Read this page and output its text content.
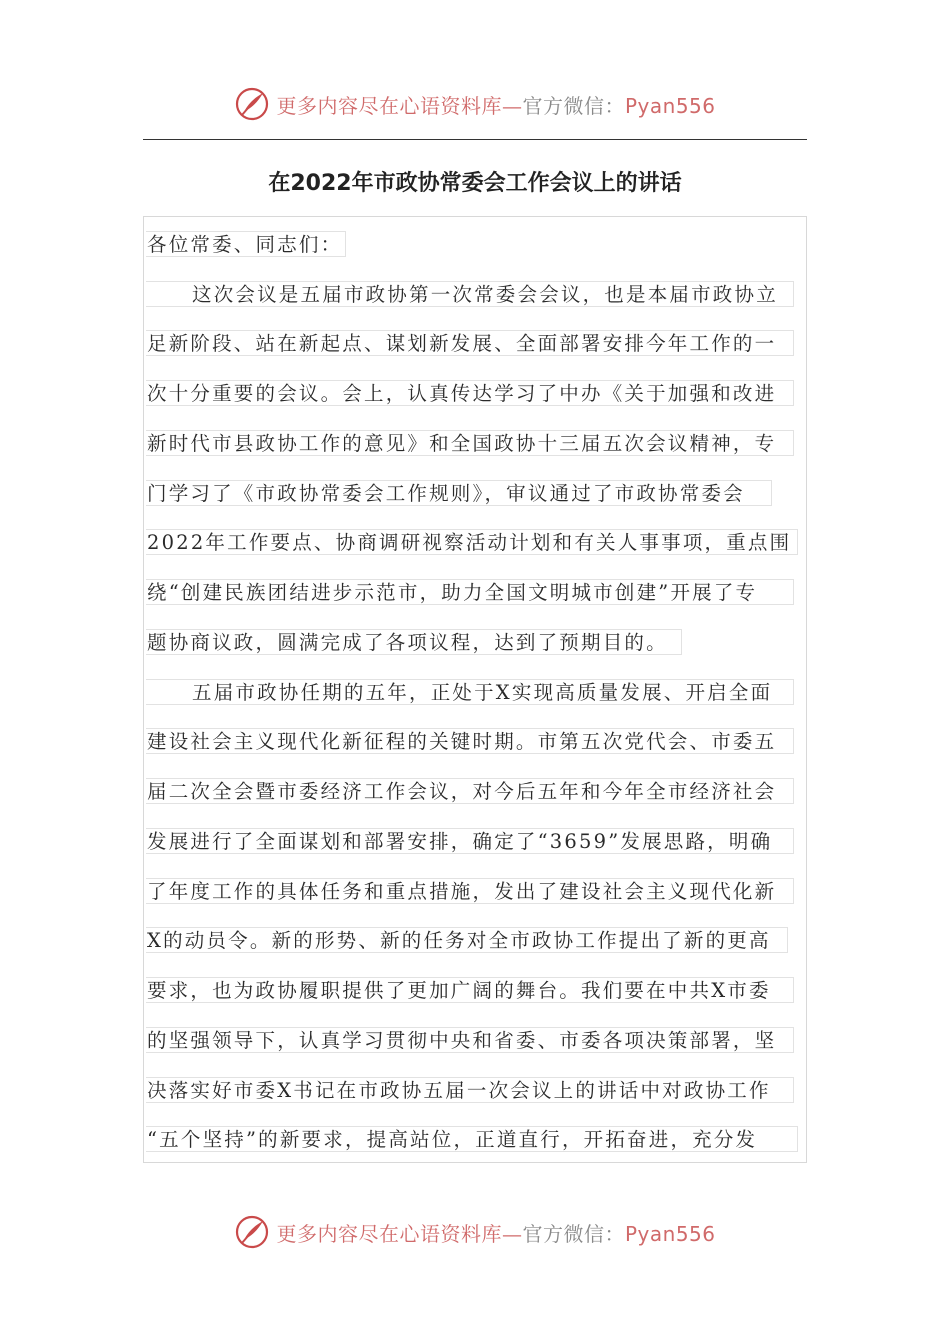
更多内容尽在心语资料库—官方微信：Pyan556
在2022年市政协常委会工作会议上的讲话
各位常委、同志们：
这次会议是五届市政协第一次常委会会议，也是本届市政协立
足新阶段、站在新起点、谋划新发展、全面部署安排今年工作的一
次十分重要的会议。会上，认真传达学习了中办《关于加强和改进
新时代市县政协工作的意见》和全国政协十三届五次会议精神，专
门学习了《市政协常委会工作规则》，审议通过了市政协常委会
2022年工作要点、协商调研视察活动计划和有关人事事项，重点围
绕“创建民族团结进步示范市，助力全国文明城市创建”开展了专
题协商议政，圆满完成了各项议程，达到了预期目的。
五届市政协任期的五年，正处于X实现高质量发展、开启全面
建设社会主义现代化新征程的关键时期。市第五次党代会、市委五
届二次全会暨市委经济工作会议，对今后五年和今年全市经济社会
发展进行了全面谋划和部署安排，确定了“3659”发展思路，明确
了年度工作的具体任务和重点措施，发出了建设社会主义现代化新
X的动员令。新的形势、新的任务对全市政协工作提出了新的更高
要求，也为政协履职提供了更加广阔的舞台。我们要在中共X市委
的坚强领导下，认真学习贯彻中央和省委、市委各项决策部署，坚
决落实好市委X书记在市政协五届一次会议上的讲话中对政协工作
“五个坚持”的新要求，提高站位，正道直行，开拓奋进，充分发
更多内容尽在心语资料库—官方微信：Pyan556
